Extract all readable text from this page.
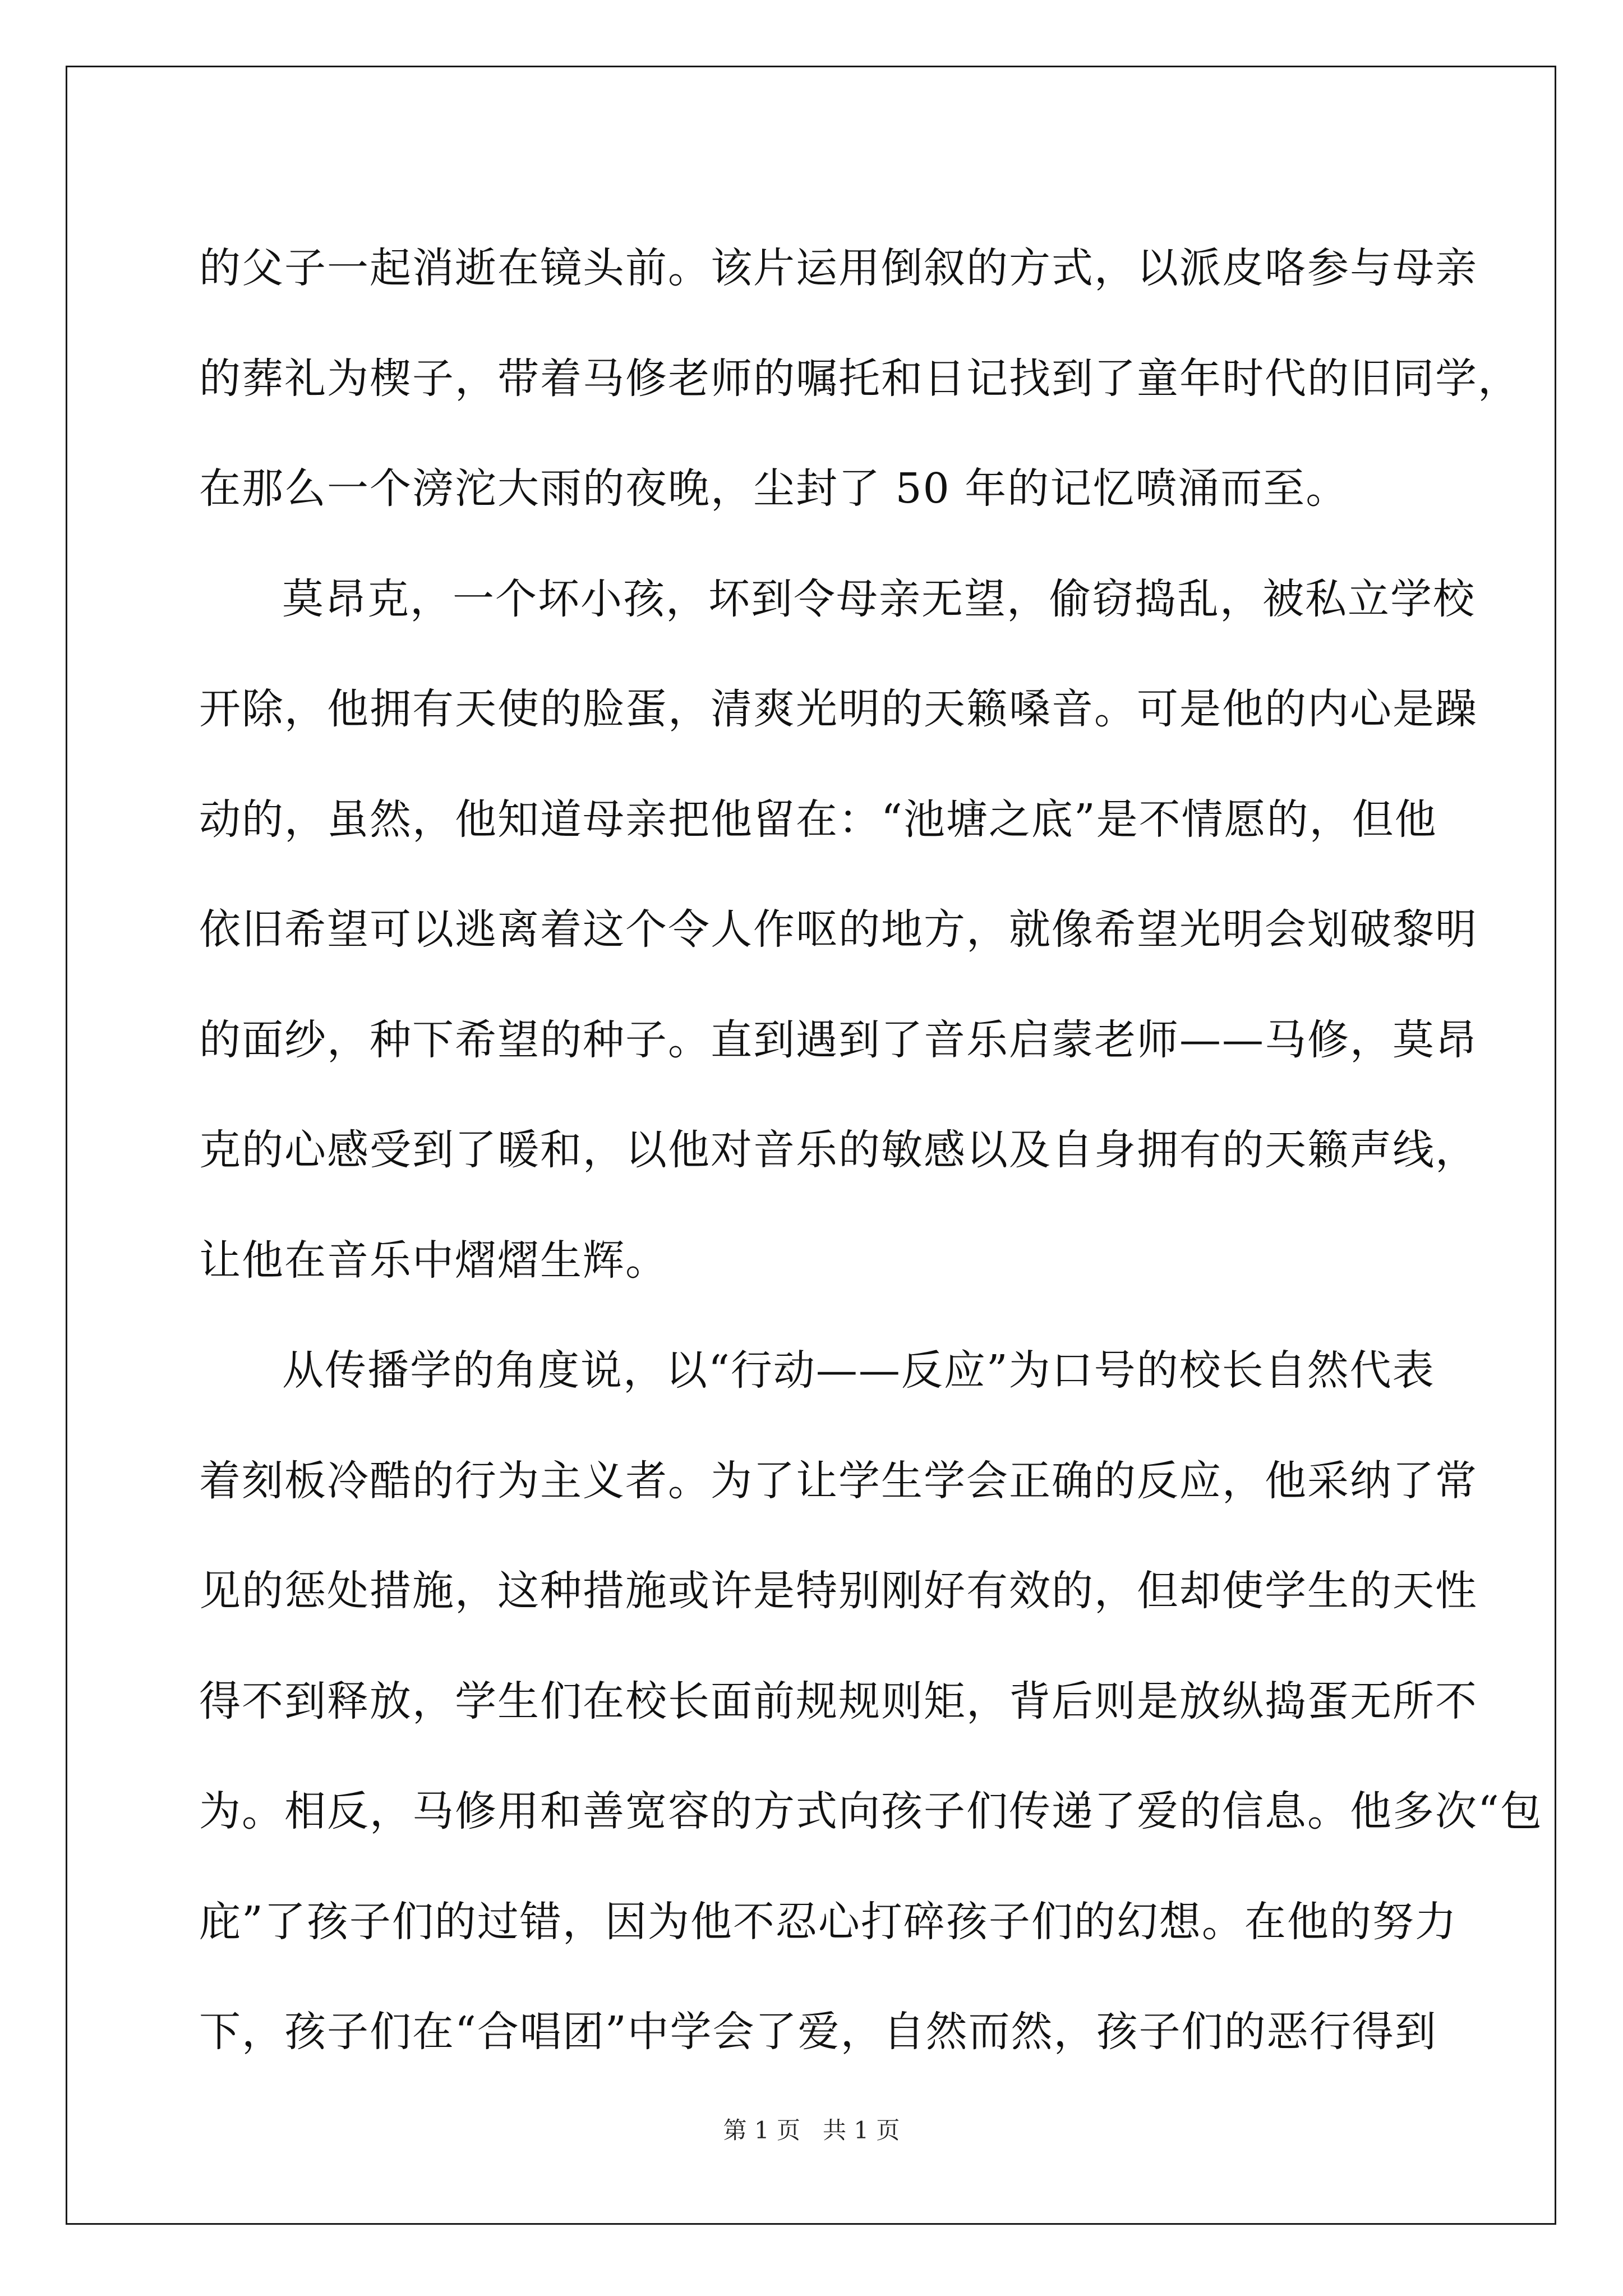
的父子一起消逝在镜头前。该片运用倒叙的方式，以派皮咯参与母亲
的葬礼为楔子，带着马修老师的嘱托和日记找到了童年时代的旧同学，
在那么一个滂沱大雨的夜晚，尘封了 50 年的记忆喷涌而至。
莫昂克，一个坏小孩，坏到令母亲无望，偷窃捣乱，被私立学校
开除，他拥有天使的脸蛋，清爽光明的天籁嗓音。可是他的内心是躁
动的，虽然，他知道母亲把他留在：“池塘之底”是不情愿的，但他
依旧希望可以逃离着这个令人作呕的地方，就像希望光明会划破黎明
的面纱，种下希望的种子。直到遇到了音乐启蒙老师——马修，莫昂
克的心感受到了暖和，以他对音乐的敏感以及自身拥有的天籁声线，
让他在音乐中熠熠生辉。
从传播学的角度说，以“行动——反应”为口号的校长自然代表
着刻板冷酷的行为主义者。为了让学生学会正确的反应，他采纳了常
见的惩处措施，这种措施或许是特别刚好有效的，但却使学生的天性
得不到释放，学生们在校长面前规规则矩，背后则是放纵捣蛋无所不
为。相反，马修用和善宽容的方式向孩子们传递了爱的信息。他多次“包
庇”了孩子们的过错，因为他不忍心打碎孩子们的幻想。在他的努力
下，孩子们在“合唱团”中学会了爱，自然而然，孩子们的恶行得到
第 1 页 共 1 页
